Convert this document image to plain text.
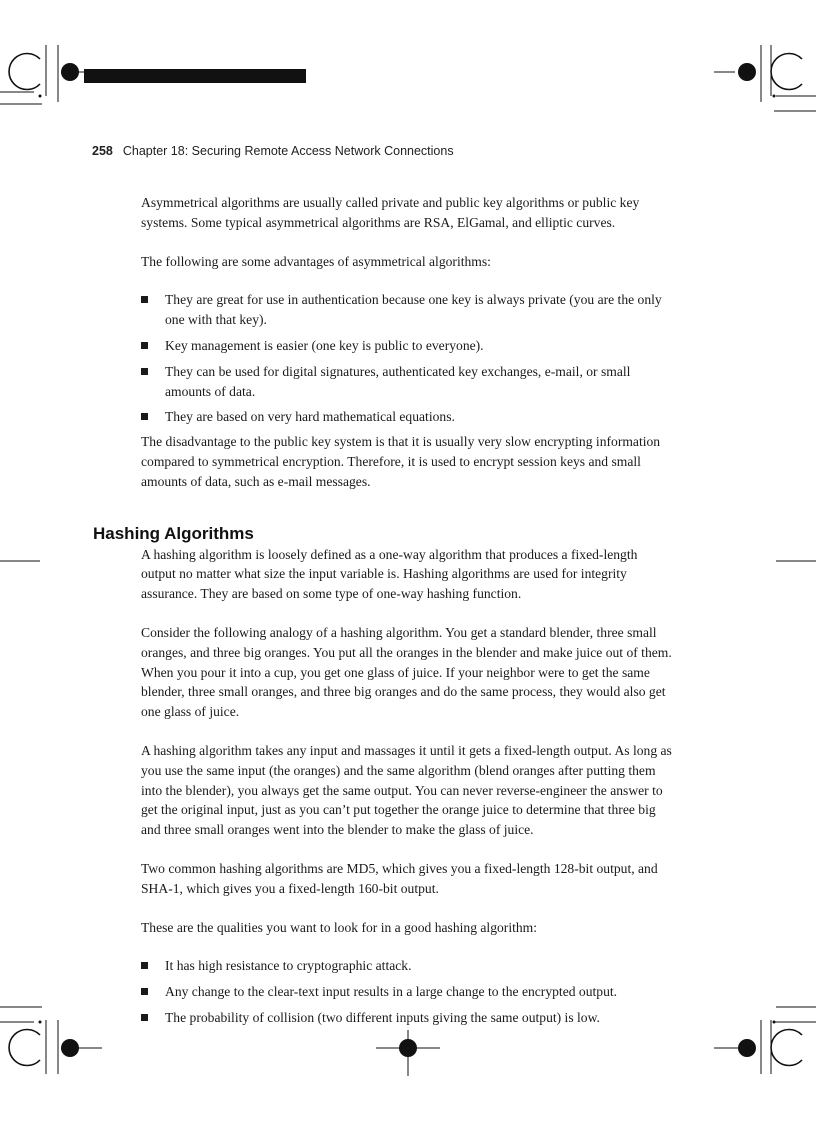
258 Chapter 18: Securing Remote Access Network Connections

Asymmetrical algorithms are usually called private and public key algorithms or public key systems. Some typical asymmetrical algorithms are RSA, ElGamal, and elliptic curves.

The following are some advantages of asymmetrical algorithms:

They are great for use in authentication because one key is always private (you are the only one with that key).
Key management is easier (one key is public to everyone).
They can be used for digital signatures, authenticated key exchanges, e-mail, or small amounts of data.
They are based on very hard mathematical equations.

The disadvantage to the public key system is that it is usually very slow encrypting information compared to symmetrical encryption. Therefore, it is used to encrypt session keys and small amounts of data, such as e-mail messages.

Hashing Algorithms

A hashing algorithm is loosely defined as a one-way algorithm that produces a fixed-length output no matter what size the input variable is. Hashing algorithms are used for integrity assurance. They are based on some type of one-way hashing function.

Consider the following analogy of a hashing algorithm. You get a standard blender, three small oranges, and three big oranges. You put all the oranges in the blender and make juice out of them. When you pour it into a cup, you get one glass of juice. If your neighbor were to get the same blender, three small oranges, and three big oranges and do the same process, they would also get one glass of juice.

A hashing algorithm takes any input and massages it until it gets a fixed-length output. As long as you use the same input (the oranges) and the same algorithm (blend oranges after putting them into the blender), you always get the same output. You can never reverse-engineer the answer to get the original input, just as you can’t put together the orange juice to determine that three big and three small oranges went into the blender to make the glass of juice.

Two common hashing algorithms are MD5, which gives you a fixed-length 128-bit output, and SHA-1, which gives you a fixed-length 160-bit output.

These are the qualities you want to look for in a good hashing algorithm:

It has high resistance to cryptographic attack.
Any change to the clear-text input results in a large change to the encrypted output.
The probability of collision (two different inputs giving the same output) is low.
